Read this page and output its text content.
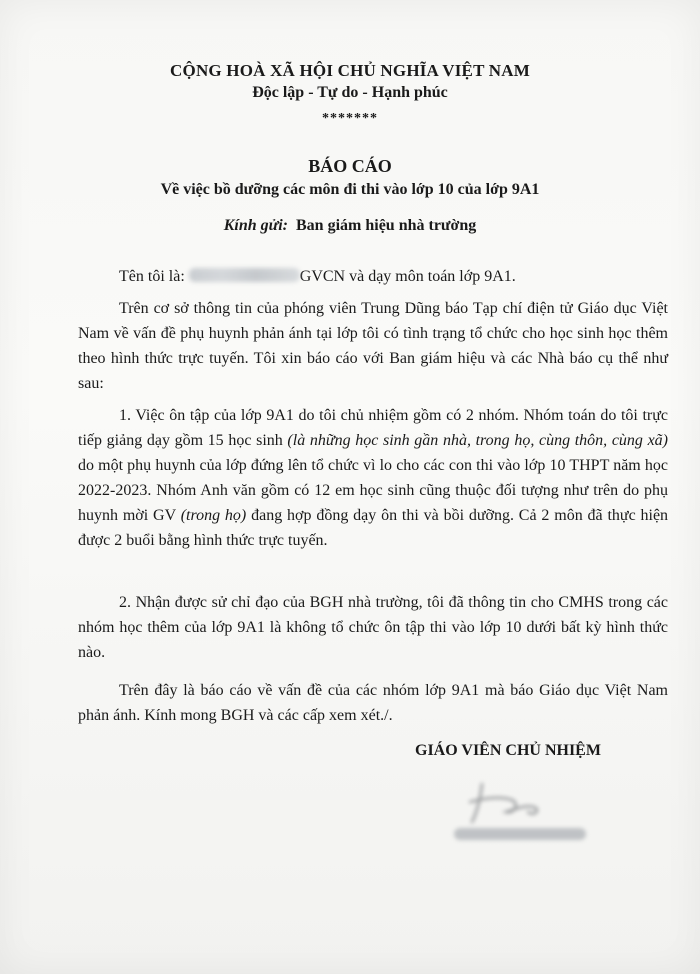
CỘNG HOÀ XÃ HỘI CHỦ NGHĨA VIỆT NAM
Độc lập - Tự do - Hạnh phúc
*******
BÁO CÁO
Về việc bồ dưỡng các môn đi thi vào lớp 10 của lớp 9A1
Kính gửi: Ban giám hiệu nhà trường
Tên tôi là:	GVCN và dạy môn toán lớp 9A1.

Trên cơ sở thông tin của phóng viên Trung Dũng báo Tạp chí điện tử Giáo dục Việt Nam về vấn đề phụ huynh phản ánh tại lớp tôi có tình trạng tổ chức cho học sinh học thêm theo hình thức trực tuyến. Tôi xin báo cáo với Ban giám hiệu và các Nhà báo cụ thể như sau:

1. Việc ôn tập của lớp 9A1 do tôi chủ nhiệm gồm có 2 nhóm. Nhóm toán do tôi trực tiếp giảng dạy gồm 15 học sinh (là những học sinh gần nhà, trong họ, cùng thôn, cùng xã) do một phụ huynh của lớp đứng lên tổ chức vì lo cho các con thi vào lớp 10 THPT năm học 2022-2023. Nhóm Anh văn gồm có 12 em học sinh cũng thuộc đối tượng như trên do phụ huynh mời GV (trong họ) đang hợp đồng dạy ôn thi và bồi dưỡng. Cả 2 môn đã thực hiện được 2 buổi bằng hình thức trực tuyến.

2. Nhận được sử chỉ đạo của BGH nhà trường, tôi đã thông tin cho CMHS trong các nhóm học thêm của lớp 9A1 là không tổ chức ôn tập thi vào lớp 10 dưới bất kỳ hình thức nào.

Trên đây là báo cáo về vấn đề của các nhóm lớp 9A1 mà báo Giáo dục Việt Nam phản ánh. Kính mong BGH và các cấp xem xét./.

GIÁO VIÊN CHỦ NHIỆM
